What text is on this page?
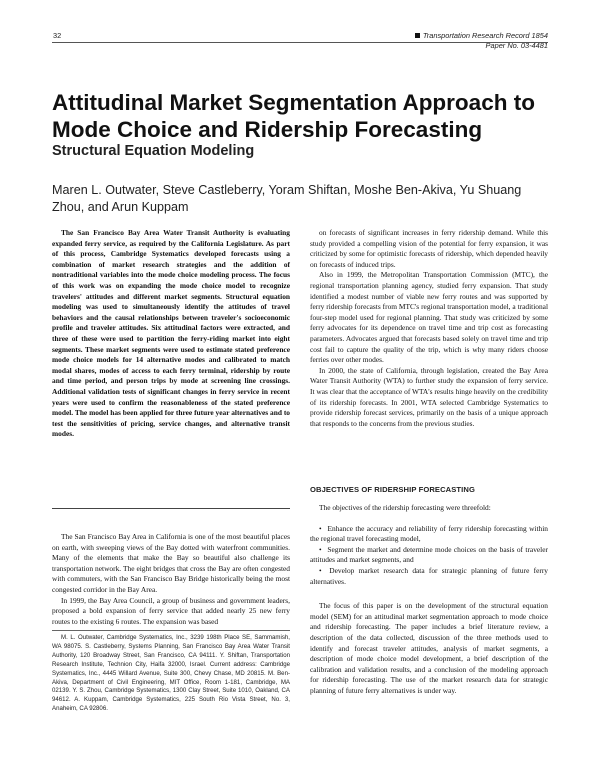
32	Transportation Research Record 1854
Paper No. 03-4481
Attitudinal Market Segmentation Approach to Mode Choice and Ridership Forecasting
Structural Equation Modeling

Maren L. Outwater, Steve Castleberry, Yoram Shiftan, Moshe Ben-Akiva, Yu Shuang Zhou, and Arun Kuppam

The San Francisco Bay Area Water Transit Authority is evaluating expanded ferry service, as required by the California Legislature. As part of this process, Cambridge Systematics developed forecasts using a combination of market research strategies and the addition of nontraditional variables into the mode choice modeling process. The focus of this work was on expanding the mode choice model to recognize travelers' attitudes and different market segments. Structural equation modeling was used to simultaneously identify the attitudes of travel behaviors and the causal relationships between traveler's socioeconomic profile and traveler attitudes. Six attitudinal factors were extracted, and three of these were used to partition the ferry-riding market into eight segments. These market segments were used to estimate stated preference mode choice models for 14 alternative modes and calibrated to match modal shares, modes of access to each ferry terminal, ridership by route and time period, and person trips by mode at screening line crossings. Additional validation tests of significant changes in ferry service in recent years were used to confirm the reasonableness of the stated preference model. The model has been applied for three future year alternatives and to test the sensitivities of pricing, service changes, and alternative transit modes.

The San Francisco Bay Area in California is one of the most beautiful places on earth, with sweeping views of the Bay dotted with waterfront communities. Many of the elements that make the Bay so beautiful also challenge its transportation network. The eight bridges that cross the Bay are often congested with commuters, with the San Francisco Bay Bridge historically being the most congested corridor in the Bay Area.

In 1999, the Bay Area Council, a group of business and government leaders, proposed a bold expansion of ferry service that added nearly 25 new ferry routes to the existing 6 routes. The expansion was based

M. L. Outwater, Cambridge Systematics, Inc., 3239 198th Place SE, Sammamish, WA 98075. S. Castleberry, Systems Planning, San Francisco Bay Area Water Transit Authority, 120 Broadway Street, San Francisco, CA 94111. Y. Shiftan, Transportation Research Institute, Technion City, Haifa 32000, Israel. Current address: Cambridge Systematics, Inc., 4445 Willard Avenue, Suite 300, Chevy Chase, MD 20815. M. Ben-Akiva, Department of Civil Engineering, MIT Office, Room 1-181, Cambridge, MA 02139. Y. S. Zhou, Cambridge Systematics, 1300 Clay Street, Suite 1010, Oakland, CA 94612. A. Kuppam, Cambridge Systematics, 225 South Rio Vista Street, No. 3, Anaheim, CA 92806.

on forecasts of significant increases in ferry ridership demand. While this study provided a compelling vision of the potential for ferry expansion, it was criticized by some for optimistic forecasts of ridership, which depended heavily on forecasts of induced trips.

Also in 1999, the Metropolitan Transportation Commission (MTC), the regional transportation planning agency, studied ferry expansion. That study identified a modest number of viable new ferry routes and was supported by ferry ridership forecasts from MTC's regional transportation model, a traditional four-step model used for regional planning. That study was criticized by some ferry advocates for its dependence on travel time and trip cost as forecasting parameters. Advocates argued that forecasts based solely on travel time and trip cost fail to capture the quality of the trip, which is why many riders choose ferries over other modes.

In 2000, the state of California, through legislation, created the Bay Area Water Transit Authority (WTA) to further study the expansion of ferry service. It was clear that the acceptance of WTA's results hinge heavily on the credibility of its ridership forecasts. In 2001, WTA selected Cambridge Systematics to provide ridership forecast services, primarily on the basis of a unique approach that responds to the concerns from the previous studies.

OBJECTIVES OF RIDERSHIP FORECASTING

The objectives of the ridership forecasting were threefold:

• Enhance the accuracy and reliability of ferry ridership forecasting within the regional travel forecasting model,
• Segment the market and determine mode choices on the basis of traveler attitudes and market segments, and
• Develop market research data for strategic planning of future ferry alternatives.

The focus of this paper is on the development of the structural equation model (SEM) for an attitudinal market segmentation approach to mode choice and ridership forecasting. The paper includes a brief literature review, a description of the data collected, discussion of the three methods used to identify and forecast traveler attitudes, analysis of market segments, a description of mode choice model development, a brief description of the calibration and validation results, and a conclusion of the modeling approach for ridership forecasting. The use of the market research data for strategic planning of future ferry alternatives is under way.
